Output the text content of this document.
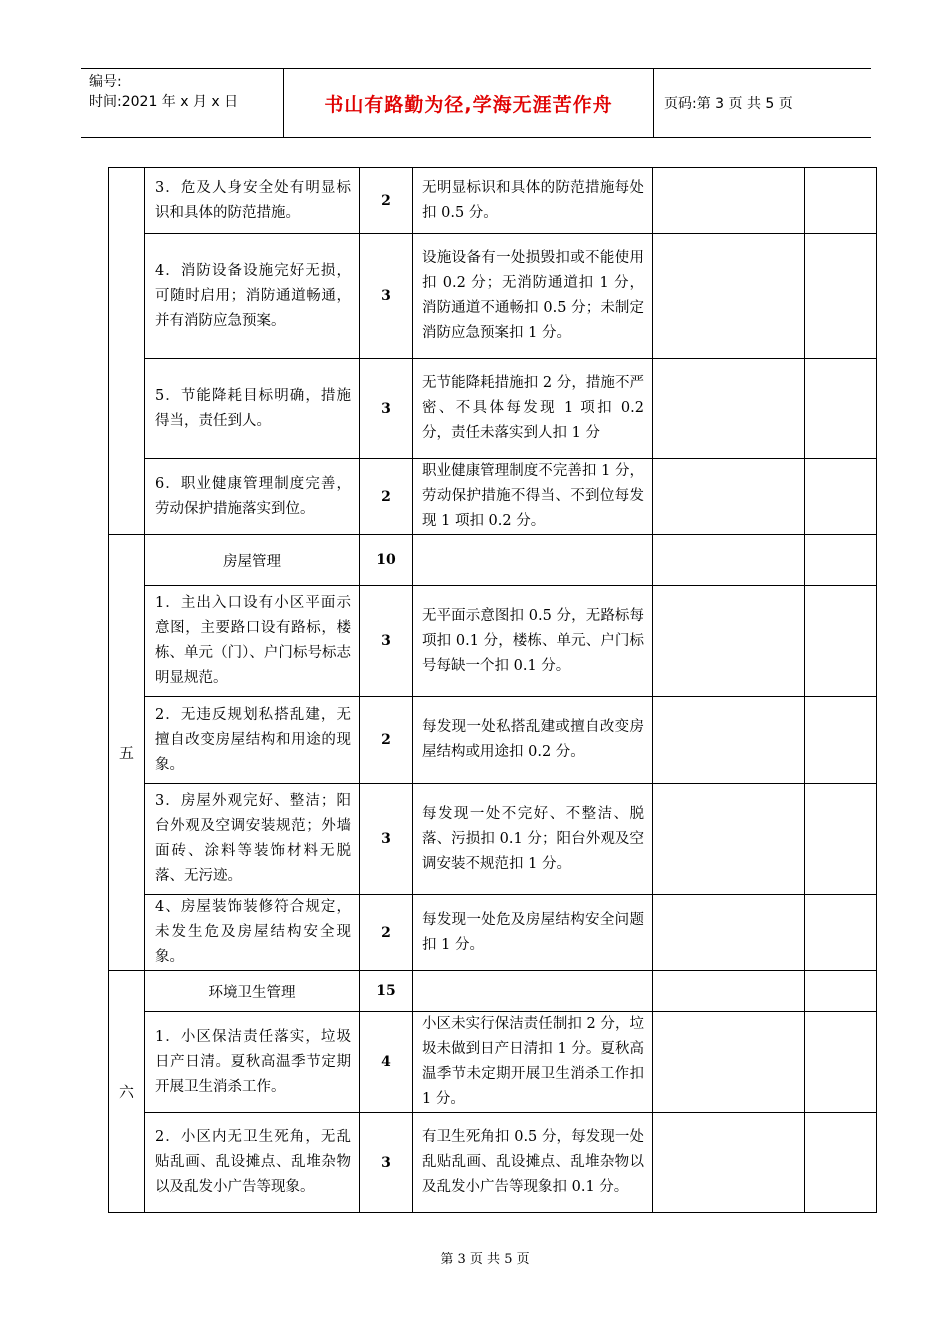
编号:
时间:2021 年 x 月 x 日	书山有路勤为径,学海无涯苦作舟	页码:第 3 页 共 5 页
	3．危及人身安全处有明显标识和具体的防范措施。	2	无明显标识和具体的防范措施每处扣 0.5 分。		
	4．消防设备设施完好无损，可随时启用；消防通道畅通，并有消防应急预案。	3	设施设备有一处损毁扣或不能使用扣 0.2 分；无消防通道扣 1 分，消防通道不通畅扣 0.5 分；未制定消防应急预案扣 1 分。		
	5．节能降耗目标明确，措施得当，责任到人。	3	无节能降耗措施扣 2 分，措施不严密、不具体每发现 1 项扣 0.2 分，责任未落实到人扣 1 分		
	6．职业健康管理制度完善，劳动保护措施落实到位。	2	职业健康管理制度不完善扣 1 分，劳动保护措施不得当、不到位每发现 1 项扣 0.2 分。		
五	房屋管理	10			
	1．主出入口设有小区平面示意图，主要路口设有路标，楼栋、单元（门）、户门标号标志明显规范。	3	无平面示意图扣 0.5 分，无路标每项扣 0.1 分，楼栋、单元、户门标号每缺一个扣 0.1 分。		
	2．无违反规划私搭乱建，无擅自改变房屋结构和用途的现象。	2	每发现一处私搭乱建或擅自改变房屋结构或用途扣 0.2 分。		
	3．房屋外观完好、整洁；阳台外观及空调安装规范；外墙面砖、涂料等装饰材料无脱落、无污迹。	3	每发现一处不完好、不整洁、脱落、污损扣 0.1 分；阳台外观及空调安装不规范扣 1 分。		
	4、房屋装饰装修符合规定，未发生危及房屋结构安全现象。	2	每发现一处危及房屋结构安全问题扣 1 分。		
六	环境卫生管理	15			
	1．小区保洁责任落实，垃圾日产日清。夏秋高温季节定期开展卫生消杀工作。	4	小区未实行保洁责任制扣 2 分，垃圾未做到日产日清扣 1 分。夏秋高温季节未定期开展卫生消杀工作扣 1 分。		
	2．小区内无卫生死角，无乱贴乱画、乱设摊点、乱堆杂物以及乱发小广告等现象。	3	有卫生死角扣 0.5 分，每发现一处乱贴乱画、乱设摊点、乱堆杂物以及乱发小广告等现象扣 0.1 分。		
第 3 页 共 5 页
